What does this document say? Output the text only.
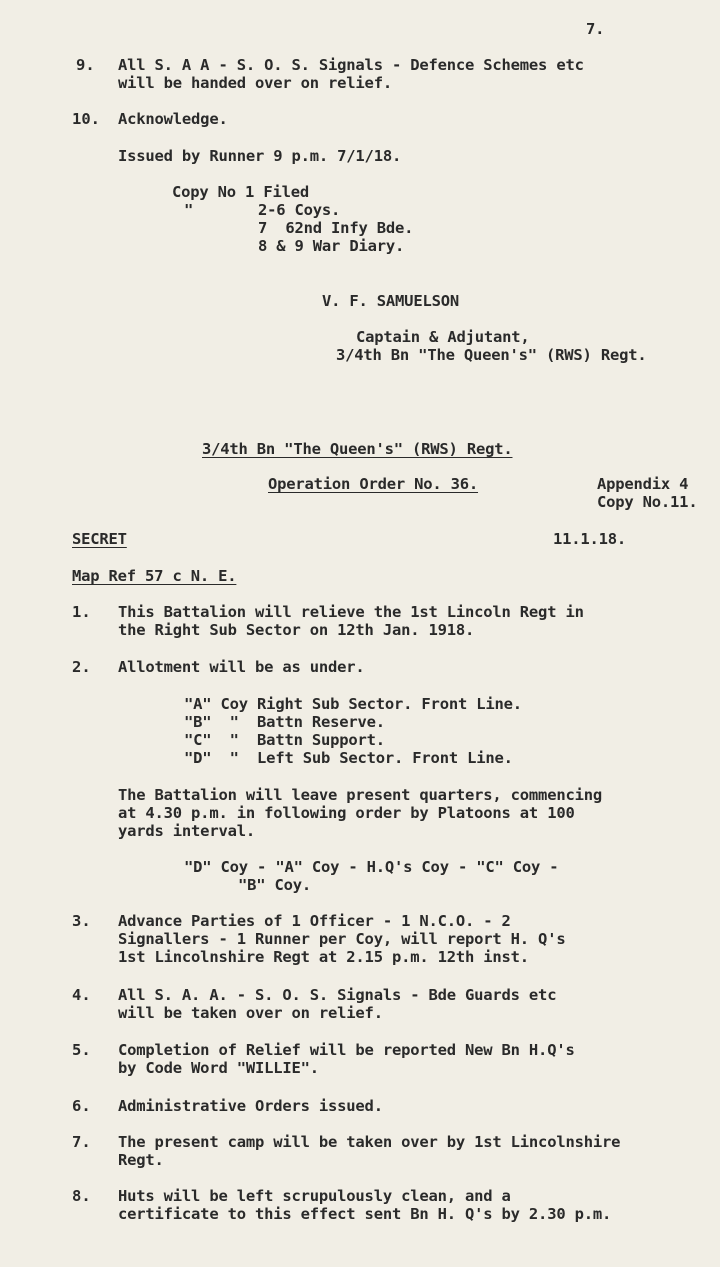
7.
9. All S. A A - S. O. S. Signals - Defence Schemes etc
will be handed over on relief.
10. Acknowledge.
Issued by Runner 9 p.m. 7/1/18.
Copy No 1 Filed
"	2-6 Coys.
7  62nd Infy Bde.
8 & 9 War Diary.
V. F. SAMUELSON
Captain & Adjutant,
3/4th Bn "The Queen's" (RWS) Regt.
3/4th Bn "The Queen's" (RWS) Regt.
Operation Order No. 36.	Appendix 4
Copy No.11.
SECRET	11.1.18.
Map Ref 57 c N. E.
1. This Battalion will relieve the 1st Lincoln Regt in
the Right Sub Sector on 12th Jan. 1918.
2. Allotment will be as under.
"A" Coy Right Sub Sector. Front Line.
"B"  "  Battn Reserve.
"C"  "  Battn Support.
"D"  "  Left Sub Sector. Front Line.
The Battalion will leave present quarters, commencing
at 4.30 p.m. in following order by Platoons at 100
yards interval.
"D" Coy - "A" Coy - H.Q's Coy - "C" Coy -
"B" Coy.
3. Advance Parties of 1 Officer - 1 N.C.O. - 2
Signallers - 1 Runner per Coy, will report H. Q's
1st Lincolnshire Regt at 2.15 p.m. 12th inst.
4. All S. A. A. - S. O. S. Signals - Bde Guards etc
will be taken over on relief.
5. Completion of Relief will be reported New Bn H.Q's
by Code Word "WILLIE".
6. Administrative Orders issued.
7. The present camp will be taken over by 1st Lincolnshire
Regt.
8. Huts will be left scrupulously clean, and a
certificate to this effect sent Bn H. Q's by 2.30 p.m.
